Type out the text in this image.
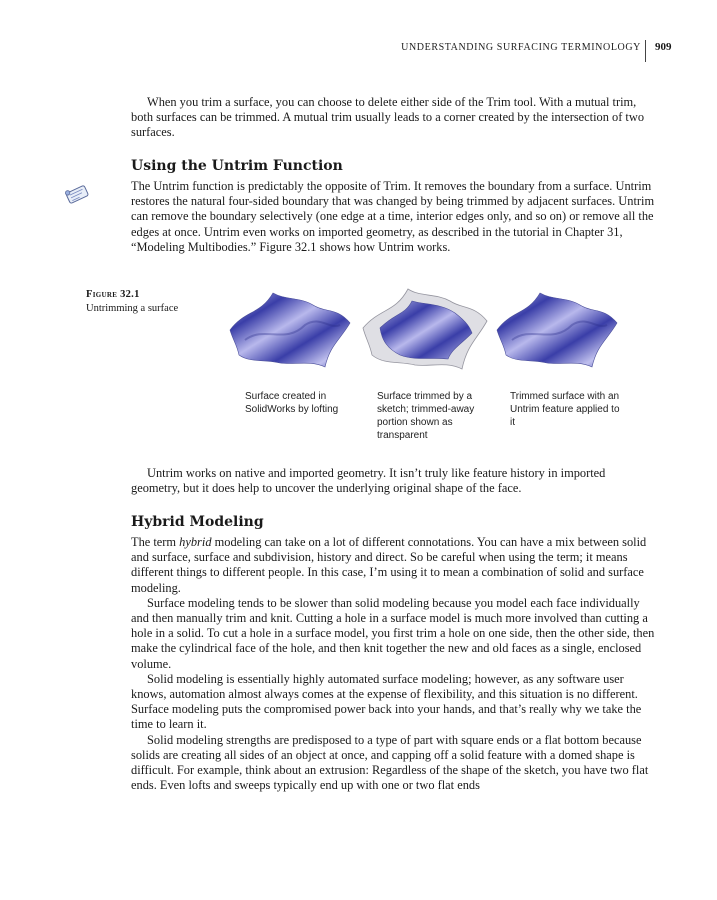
UNDERSTANDING SURFACING TERMINOLOGY 909

When you trim a surface, you can choose to delete either side of the Trim tool. With a mutual trim, both surfaces can be trimmed. A mutual trim usually leads to a corner created by the intersection of two surfaces.

Using the Untrim Function

The Untrim function is predictably the opposite of Trim. It removes the boundary from a surface. Untrim restores the natural four-sided boundary that was changed by being trimmed by adjacent surfaces. Untrim can remove the boundary selectively (one edge at a time, interior edges only, and so on) or remove all the edges at once. Untrim even works on imported geometry, as described in the tutorial in Chapter 31, “Modeling Multibodies.” Figure 32.1 shows how Untrim works.

Figure 32.1
Untrimming a surface
Surface created in SolidWorks by lofting
Surface trimmed by a sketch; trimmed-away portion shown as transparent
Trimmed surface with an Untrim feature applied to it

Untrim works on native and imported geometry. It isn’t truly like feature history in imported geometry, but it does help to uncover the underlying original shape of the face.

Hybrid Modeling

The term hybrid modeling can take on a lot of different connotations. You can have a mix between solid and surface, surface and subdivision, history and direct. So be careful when using the term; it means different things to different people. In this case, I’m using it to mean a combination of solid and surface modeling.

Surface modeling tends to be slower than solid modeling because you model each face individually and then manually trim and knit. Cutting a hole in a surface model is much more involved than cutting a hole in a solid. To cut a hole in a surface model, you first trim a hole on one side, then the other side, then make the cylindrical face of the hole, and then knit together the new and old faces as a single, enclosed volume.

Solid modeling is essentially highly automated surface modeling; however, as any software user knows, automation almost always comes at the expense of flexibility, and this situation is no different. Surface modeling puts the compromised power back into your hands, and that’s really why we take the time to learn it.

Solid modeling strengths are predisposed to a type of part with square ends or a flat bottom because solids are creating all sides of an object at once, and capping off a solid feature with a domed shape is difficult. For example, think about an extrusion: Regardless of the shape of the sketch, you have two flat ends. Even lofts and sweeps typically end up with one or two flat ends
